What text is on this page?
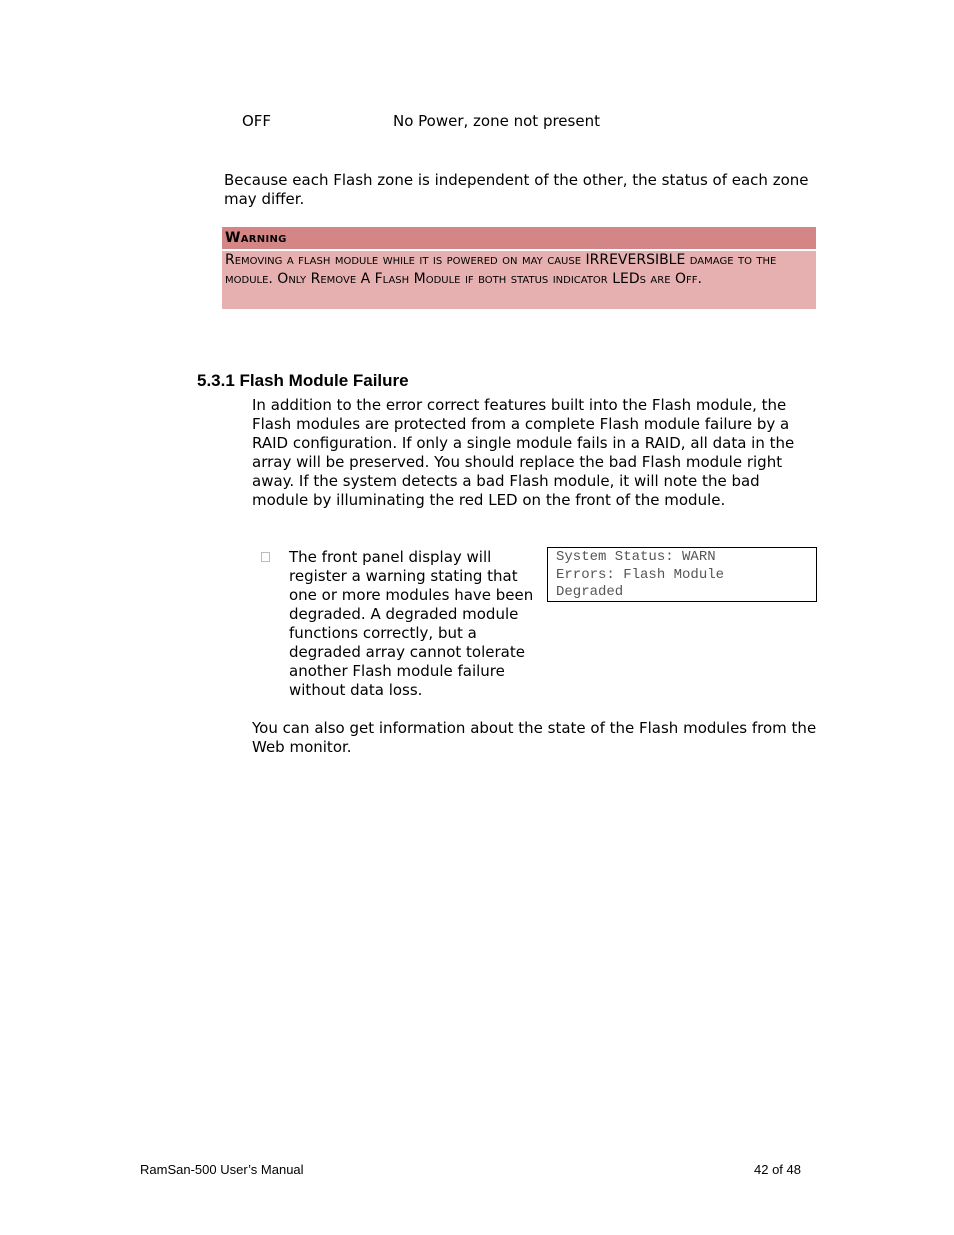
OFF	No Power, zone not present
Because each Flash zone is independent of the other, the status of each zone may differ.
Warning
Removing a flash module while it is powered on may cause IRREVERSIBLE damage to the module. Only Remove A Flash Module if both status indicator LEDs are Off.
5.3.1 Flash Module Failure
In addition to the error correct features built into the Flash module, the Flash modules are protected from a complete Flash module failure by a RAID configuration. If only a single module fails in a RAID, all data in the array will be preserved. You should replace the bad Flash module right away. If the system detects a bad Flash module, it will note the bad module by illuminating the red LED on the front of the module.
The front panel display will register a warning stating that one or more modules have been degraded. A degraded module functions correctly, but a degraded array cannot tolerate another Flash module failure without data loss.
System Status: WARN
Errors: Flash Module
Degraded
You can also get information about the state of the Flash modules from the Web monitor.
RamSan-500 User’s Manual	42 of 48
